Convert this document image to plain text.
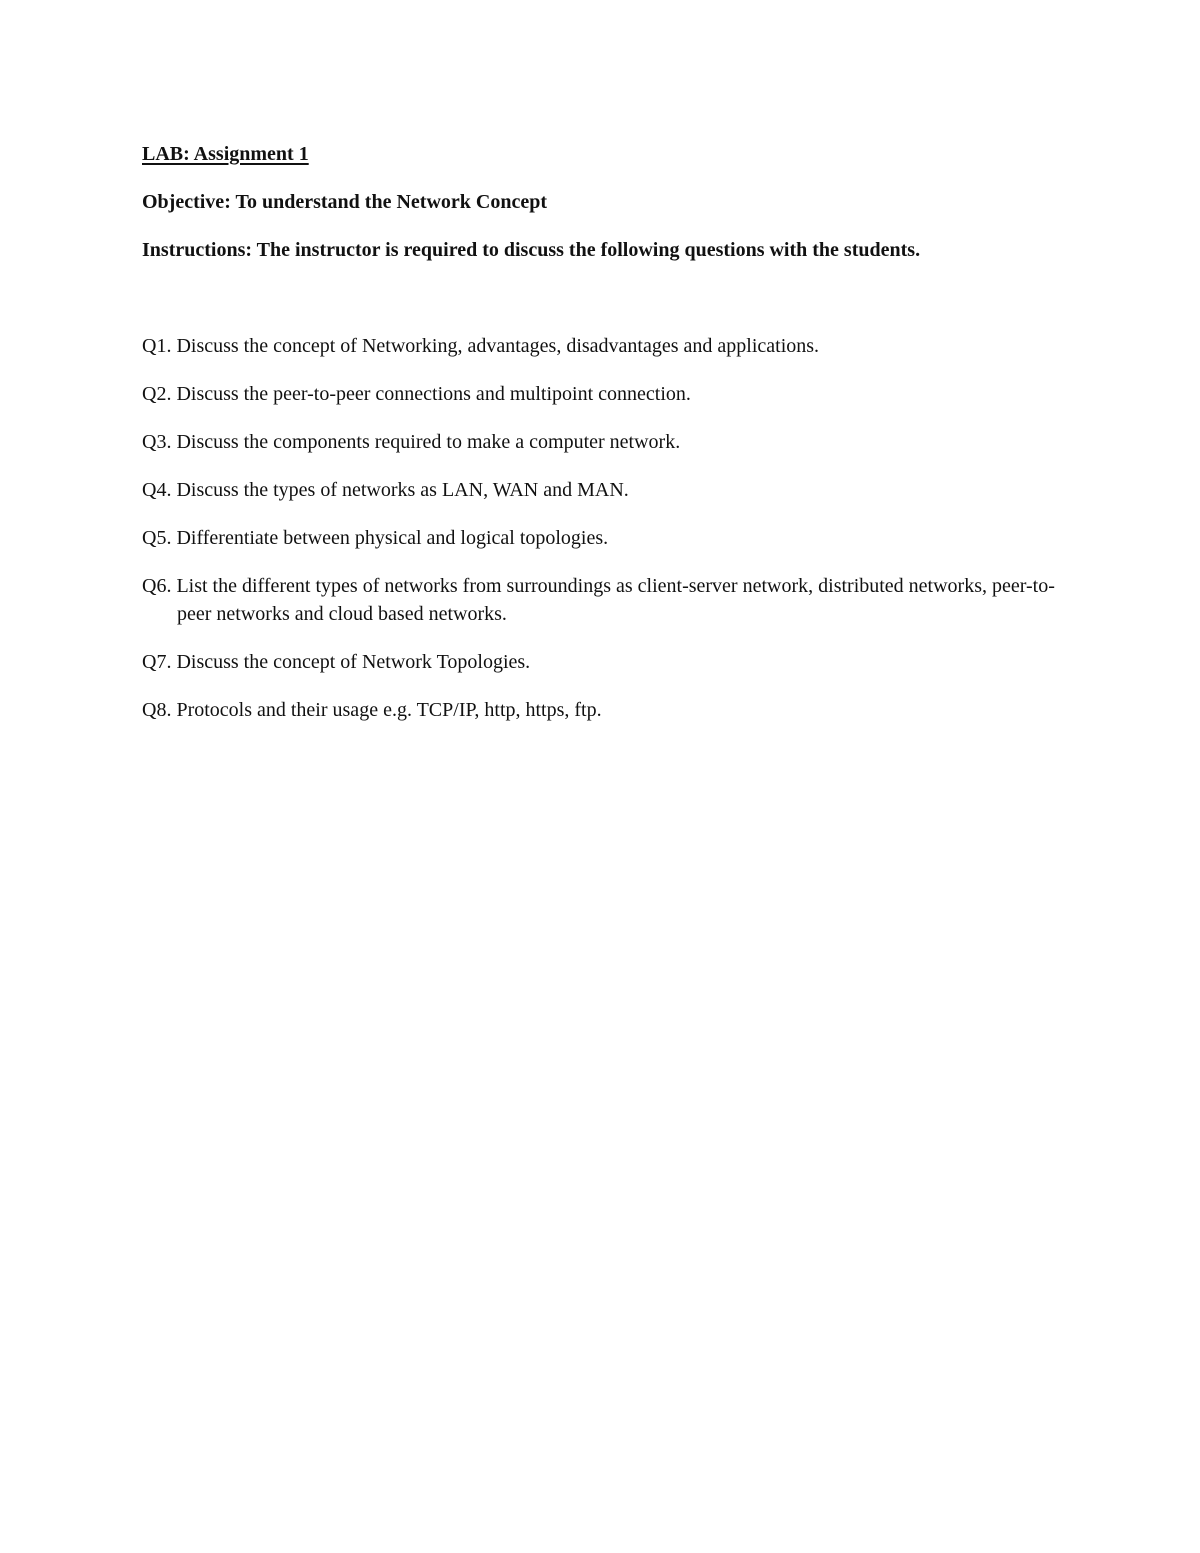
LAB: Assignment 1

Objective: To understand the Network Concept

Instructions: The instructor is required to discuss the following questions with the students.

Q1. Discuss the concept of Networking, advantages, disadvantages and applications.
Q2. Discuss the peer-to-peer connections and multipoint connection.
Q3. Discuss the components required to make a computer network.
Q4. Discuss the types of networks as LAN, WAN and MAN.
Q5. Differentiate between physical and logical topologies.
Q6. List the different types of networks from surroundings as client-server network, distributed networks, peer-to-peer networks and cloud based networks.
Q7. Discuss the concept of Network Topologies.
Q8. Protocols and their usage e.g. TCP/IP, http, https, ftp.
